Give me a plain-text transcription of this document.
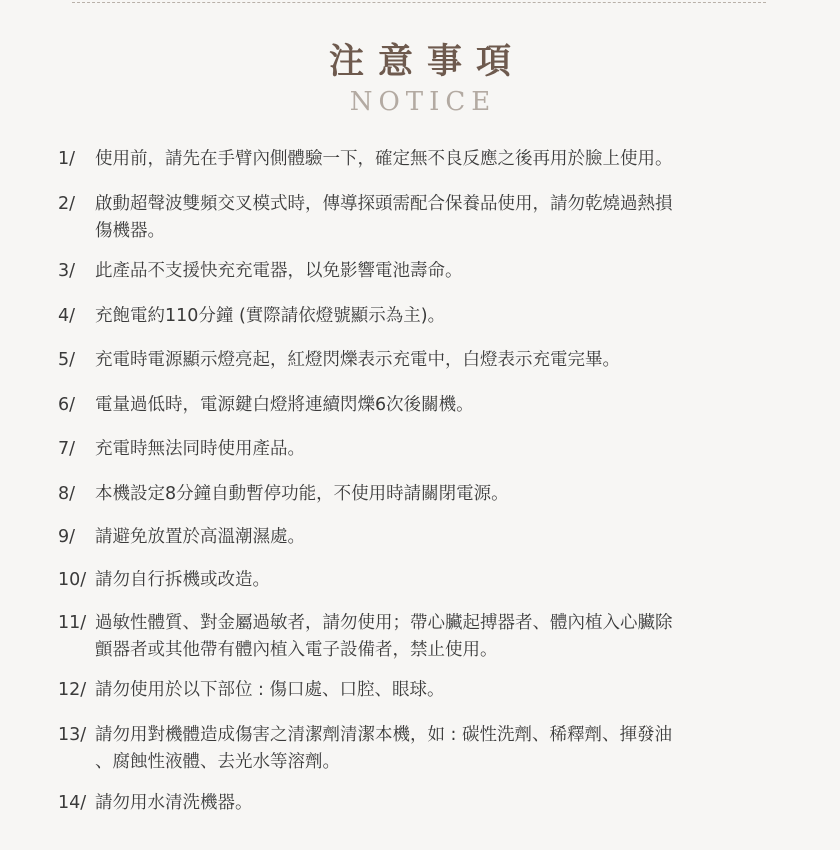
注意事項
NOTICE
1/	使用前，請先在手臂內側體驗一下，確定無不良反應之後再用於臉上使用。
2/	啟動超聲波雙頻交叉模式時，傳導探頭需配合保養品使用，請勿乾燒過熱損
傷機器。
3/	此產品不支援快充充電器，以免影響電池壽命。
4/	充飽電約110分鐘 (實際請依燈號顯示為主)。
5/	充電時電源顯示燈亮起，紅燈閃爍表示充電中，白燈表示充電完畢。
6/	電量過低時，電源鍵白燈將連續閃爍6次後關機。
7/	充電時無法同時使用產品。
8/	本機設定8分鐘自動暫停功能，不使用時請關閉電源。
9/	請避免放置於高溫潮濕處。
10/ 請勿自行拆機或改造。
11/ 過敏性體質、對金屬過敏者，請勿使用；帶心臟起搏器者、體內植入心臟除
顫器者或其他帶有體內植入電子設備者，禁止使用。
12/ 請勿使用於以下部位 : 傷口處、口腔、眼球。
13/ 請勿用對機體造成傷害之清潔劑清潔本機，如 : 碳性洗劑、稀釋劑、揮發油
、腐蝕性液體、去光水等溶劑。
14/ 請勿用水清洗機器。
